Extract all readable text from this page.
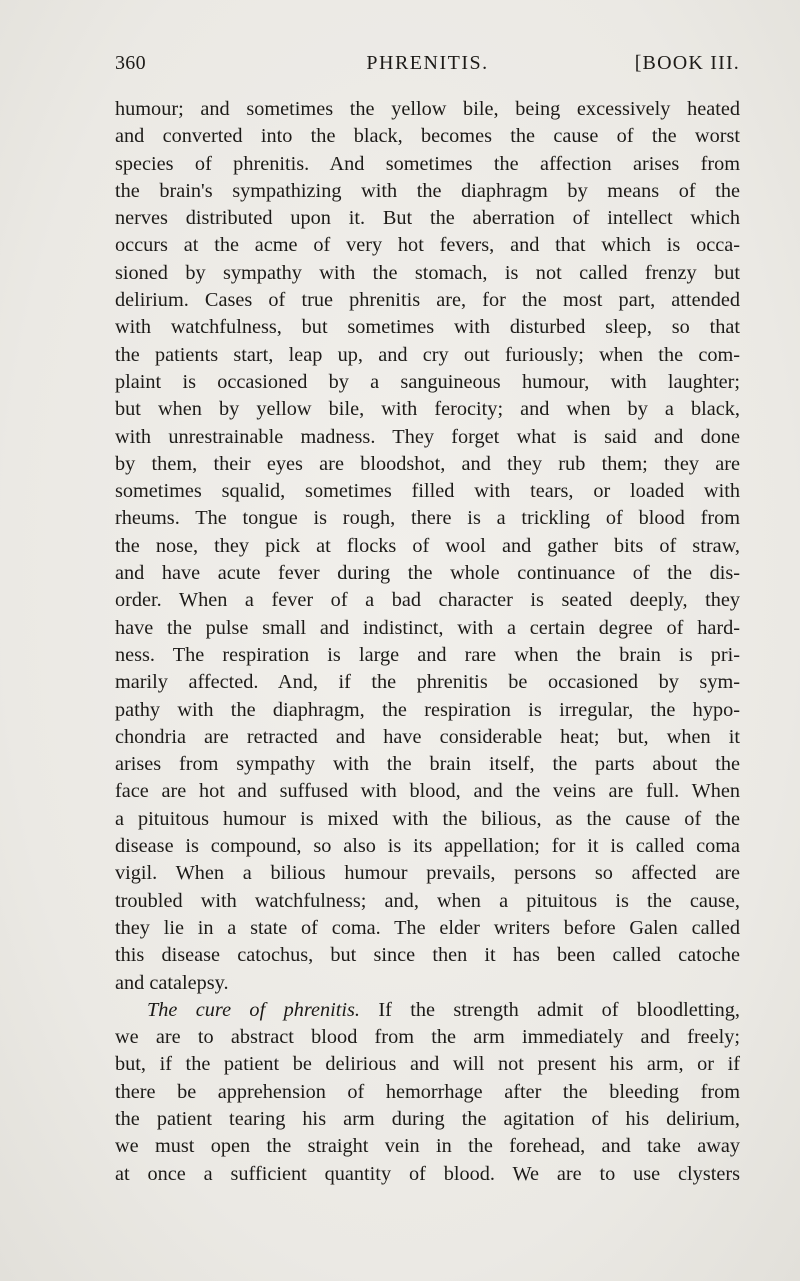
360	PHRENITIS.	[BOOK III.
humour; and sometimes the yellow bile, being excessively heated
and converted into the black, becomes the cause of the worst
species of phrenitis. And sometimes the affection arises from
the brain's sympathizing with the diaphragm by means of the
nerves distributed upon it. But the aberration of intellect which
occurs at the acme of very hot fevers, and that which is occa-
sioned by sympathy with the stomach, is not called frenzy but
delirium. Cases of true phrenitis are, for the most part, attended
with watchfulness, but sometimes with disturbed sleep, so that
the patients start, leap up, and cry out furiously; when the com-
plaint is occasioned by a sanguineous humour, with laughter;
but when by yellow bile, with ferocity; and when by a black,
with unrestrainable madness. They forget what is said and done
by them, their eyes are bloodshot, and they rub them; they are
sometimes squalid, sometimes filled with tears, or loaded with
rheums. The tongue is rough, there is a trickling of blood from
the nose, they pick at flocks of wool and gather bits of straw,
and have acute fever during the whole continuance of the dis-
order. When a fever of a bad character is seated deeply, they
have the pulse small and indistinct, with a certain degree of hard-
ness. The respiration is large and rare when the brain is pri-
marily affected. And, if the phrenitis be occasioned by sym-
pathy with the diaphragm, the respiration is irregular, the hypo-
chondria are retracted and have considerable heat; but, when it
arises from sympathy with the brain itself, the parts about the
face are hot and suffused with blood, and the veins are full. When
a pituitous humour is mixed with the bilious, as the cause of the
disease is compound, so also is its appellation; for it is called coma
vigil. When a bilious humour prevails, persons so affected are
troubled with watchfulness; and, when a pituitous is the cause,
they lie in a state of coma. The elder writers before Galen called
this disease catochus, but since then it has been called catoche
and catalepsy.
The cure of phrenitis. If the strength admit of bloodletting,
we are to abstract blood from the arm immediately and freely;
but, if the patient be delirious and will not present his arm, or if
there be apprehension of hemorrhage after the bleeding from
the patient tearing his arm during the agitation of his delirium,
we must open the straight vein in the forehead, and take away
at once a sufficient quantity of blood. We are to use clysters
